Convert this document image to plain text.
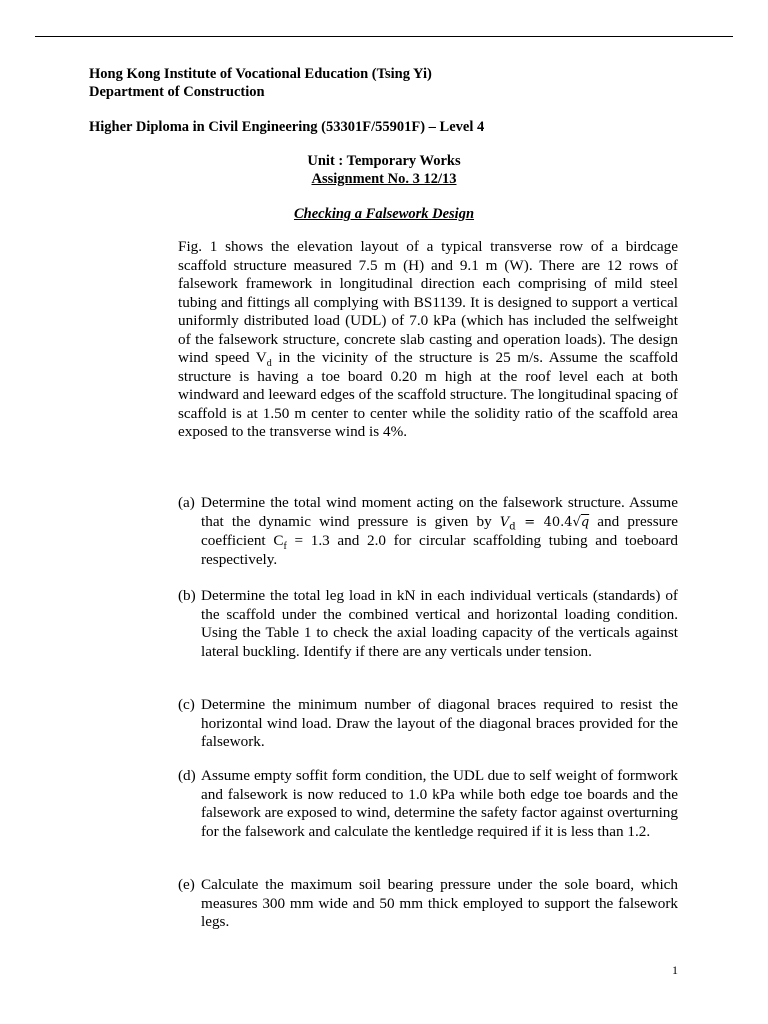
Hong Kong Institute of Vocational Education (Tsing Yi)
Department of Construction
Higher Diploma in Civil Engineering (53301F/55901F) – Level 4
Unit : Temporary Works
Assignment No. 3 12/13
Checking a Falsework Design
Fig. 1 shows the elevation layout of a typical transverse row of a birdcage scaffold structure measured 7.5 m (H) and 9.1 m (W). There are 12 rows of falsework framework in longitudinal direction each comprising of mild steel tubing and fittings all complying with BS1139. It is designed to support a vertical uniformly distributed load (UDL) of 7.0 kPa (which has included the selfweight of the falsework structure, concrete slab casting and operation loads). The design wind speed $V_d$ in the vicinity of the structure is 25 m/s. Assume the scaffold structure is having a toe board 0.20 m high at the roof level each at both windward and leeward edges of the scaffold structure. The longitudinal spacing of scaffold is at 1.50 m center to center while the solidity ratio of the scaffold area exposed to the transverse wind is 4%.
(a) Determine the total wind moment acting on the falsework structure. Assume that the dynamic wind pressure is given by $V_d = 40.4√q$ and pressure coefficient $C_f = 1.3$ and 2.0 for circular scaffolding tubing and toeboard respectively.
(b) Determine the total leg load in kN in each individual verticals (standards) of the scaffold under the combined vertical and horizontal loading condition. Using the Table 1 to check the axial loading capacity of the verticals against lateral buckling. Identify if there are any verticals under tension.
(c) Determine the minimum number of diagonal braces required to resist the horizontal wind load. Draw the layout of the diagonal braces provided for the falsework.
(d) Assume empty soffit form condition, the UDL due to self weight of formwork and falsework is now reduced to 1.0 kPa while both edge toe boards and the falsework are exposed to wind, determine the safety factor against overturning for the falsework and calculate the kentledge required if it is less than 1.2.
(e) Calculate the maximum soil bearing pressure under the sole board, which measures 300 mm wide and 50 mm thick employed to support the falsework legs.
1
